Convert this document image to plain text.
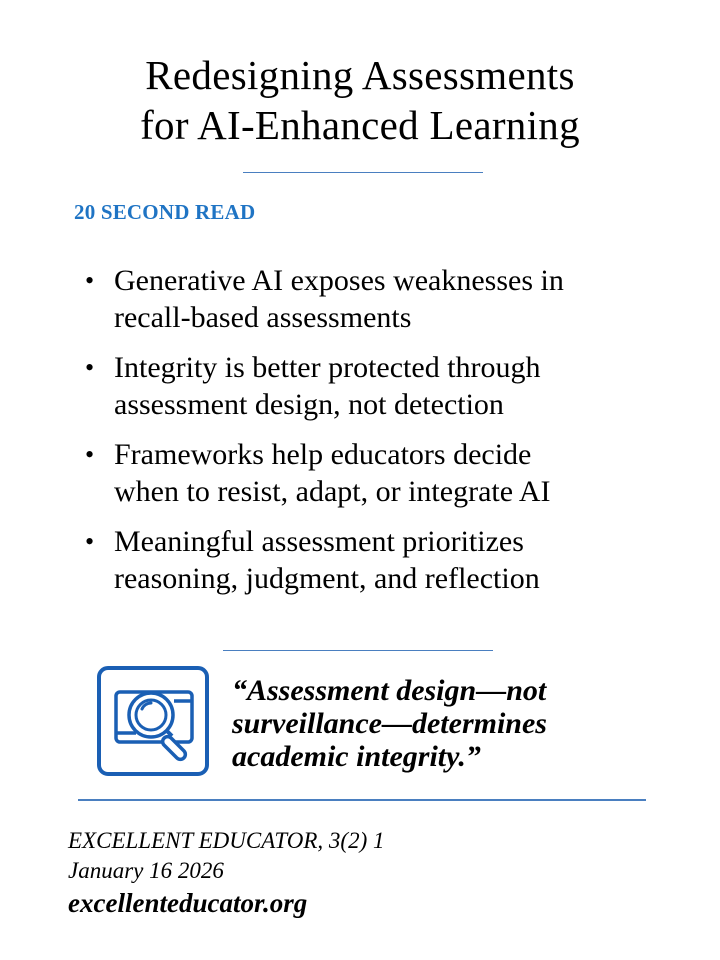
Redesigning Assessments
for AI-Enhanced Learning
20 SECOND READ
• Generative AI exposes weaknesses in
recall-based assessments
• Integrity is better protected through
assessment design, not detection
• Frameworks help educators decide
when to resist, adapt, or integrate AI
• Meaningful assessment prioritizes
reasoning, judgment, and reflection
“Assessment design—not
surveillance—determines
academic integrity.”
EXCELLENT EDUCATOR, 3(2) 1
January 16 2026
excellenteducator.org
